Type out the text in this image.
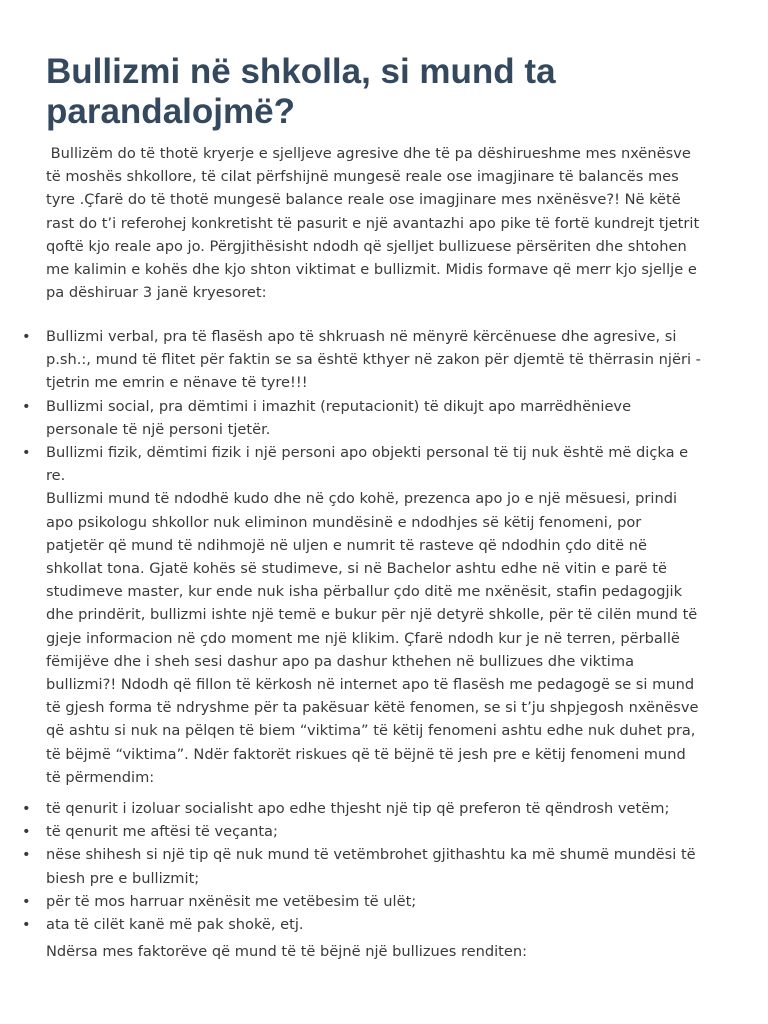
Bullizmi në shkolla, si mund ta parandalojmë?

Bullizëm do të thotë kryerje e sjelljeve agresive dhe të pa dëshirueshme mes nxënësve
të moshës shkollore, të cilat përfshijnë mungesë reale ose imagjinare të balancës mes
tyre .Çfarë do të thotë mungesë balance reale ose imagjinare mes nxënësve?! Në këtë
rast do t’i referohej konkretisht të pasurit e një avantazhi apo pike të fortë kundrejt tjetrit
qoftë kjo reale apo jo. Përgjithësisht ndodh që sjelljet bullizuese përsëriten dhe shtohen
me kalimin e kohës dhe kjo shton viktimat e bullizmit. Midis formave që merr kjo sjellje e
pa dëshiruar 3 janë kryesoret:

• Bullizmi verbal, pra të flasësh apo të shkruash në mënyrë kërcënuese dhe agresive, si
p.sh.:, mund të flitet për faktin se sa është kthyer në zakon për djemtë të thërrasin njëri -
tjetrin me emrin e nënave të tyre!!!
• Bullizmi social, pra dëmtimi i imazhit (reputacionit) të dikujt apo marrëdhënieve
personale të një personi tjetër.
• Bullizmi fizik, dëmtimi fizik i një personi apo objekti personal të tij nuk është më diçka e
re.
Bullizmi mund të ndodhë kudo dhe në çdo kohë, prezenca apo jo e një mësuesi, prindi
apo psikologu shkollor nuk eliminon mundësinë e ndodhjes së këtij fenomeni, por
patjetër që mund të ndihmojë në uljen e numrit të rasteve që ndodhin çdo ditë në
shkollat tona. Gjatë kohës së studimeve, si në Bachelor ashtu edhe në vitin e parë të
studimeve master, kur ende nuk isha përballur çdo ditë me nxënësit, stafin pedagogjik
dhe prindërit, bullizmi ishte një temë e bukur për një detyrë shkolle, për të cilën mund të
gjeje informacion në çdo moment me një klikim. Çfarë ndodh kur je në terren, përballë
fëmijëve dhe i sheh sesi dashur apo pa dashur kthehen në bullizues dhe viktima
bullizmi?! Ndodh që fillon të kërkosh në internet apo të flasësh me pedagogë se si mund
të gjesh forma të ndryshme për ta pakësuar këtë fenomen, se si t’ju shpjegosh nxënësve
që ashtu si nuk na pëlqen të biem “viktima” të këtij fenomeni ashtu edhe nuk duhet pra,
të bëjmë “viktima”. Ndër faktorët riskues që të bëjnë të jesh pre e këtij fenomeni mund
të përmendim:
• të qenurit i izoluar socialisht apo edhe thjesht një tip që preferon të qëndrosh vetëm;
• të qenurit me aftësi të veçanta;
• nëse shihesh si një tip që nuk mund të vetëmbrohet gjithashtu ka më shumë mundësi të
biesh pre e bullizmit;
• për të mos harruar nxënësit me vetëbesim të ulët;
• ata të cilët kanë më pak shokë, etj.

Ndërsa mes faktorëve që mund të të bëjnë një bullizues renditen:
